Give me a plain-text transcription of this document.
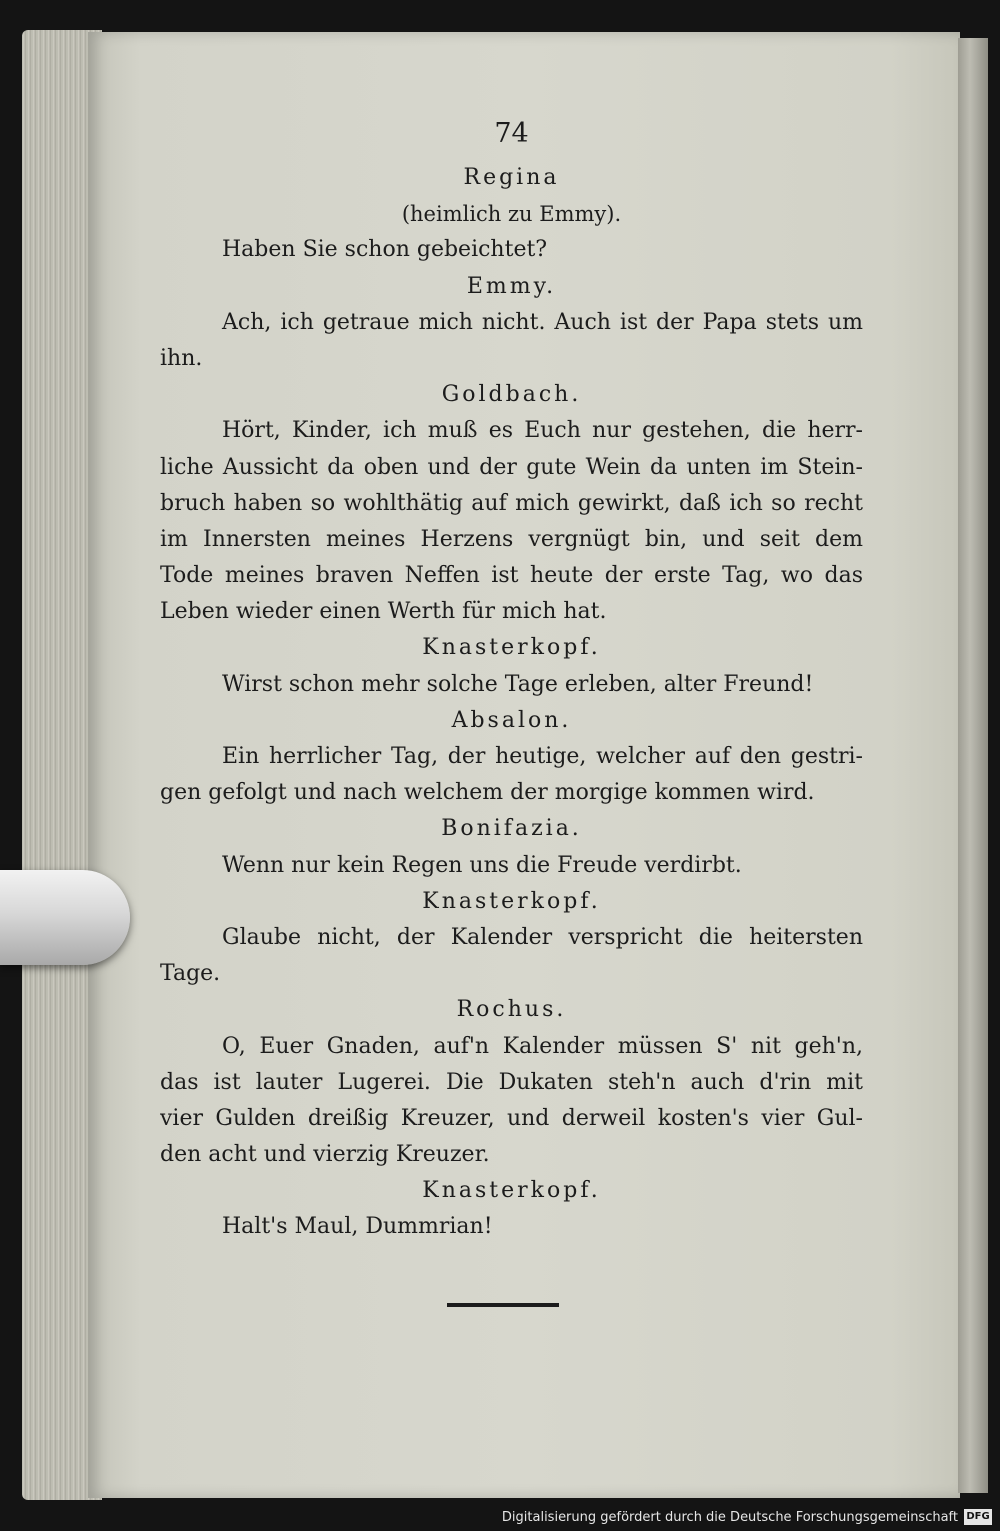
74
Regina
(heimlich zu Emmy).
Haben Sie schon gebeichtet?
Emmy.
Ach, ich getraue mich nicht. Auch ist der Papa stets um
ihn.
Goldbach.
Hört, Kinder, ich muß es Euch nur gestehen, die herr-
liche Aussicht da oben und der gute Wein da unten im Stein-
bruch haben so wohlthätig auf mich gewirkt, daß ich so recht
im Innersten meines Herzens vergnügt bin, und seit dem
Tode meines braven Neffen ist heute der erste Tag, wo das
Leben wieder einen Werth für mich hat.
Knasterkopf.
Wirst schon mehr solche Tage erleben, alter Freund!
Absalon.
Ein herrlicher Tag, der heutige, welcher auf den gestri-
gen gefolgt und nach welchem der morgige kommen wird.
Bonifazia.
Wenn nur kein Regen uns die Freude verdirbt.
Knasterkopf.
Glaube nicht, der Kalender verspricht die heitersten
Tage.
Rochus.
O, Euer Gnaden, auf'n Kalender müssen S' nit geh'n,
das ist lauter Lugerei. Die Dukaten steh'n auch d'rin mit
vier Gulden dreißig Kreuzer, und derweil kosten's vier Gul-
den acht und vierzig Kreuzer.
Knasterkopf.
Halt's Maul, Dummrian!
Digitalisierung gefördert durch die Deutsche Forschungsgemeinschaft DFG
